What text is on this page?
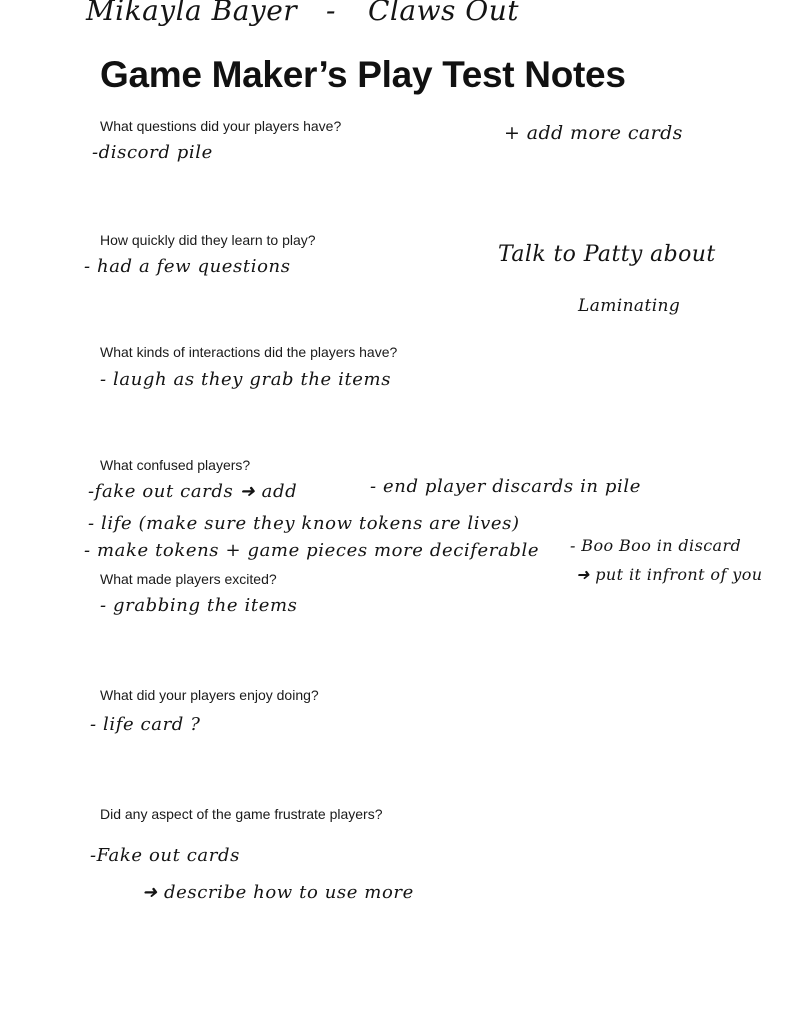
Mikayla Bayer - Claws Out
Game Maker’s Play Test Notes
What questions did your players have?
-discord pile
How quickly did they learn to play?
- had a few questions
What kinds of interactions did the players have?
- laugh as they grab the items
What confused players?
-fake out cards ➜ add	- end player discards in pile
- life (make sure they know tokens are lives)
- make tokens + game pieces more deciferable
What made players excited?
- grabbing the items
What did your players enjoy doing?
- life card ?
Did any aspect of the game frustrate players?
-Fake out cards
➜ describe how to use more
+ add more cards
Talk to Patty about
Laminating
- Boo Boo in discard
➜ put it infront of you
